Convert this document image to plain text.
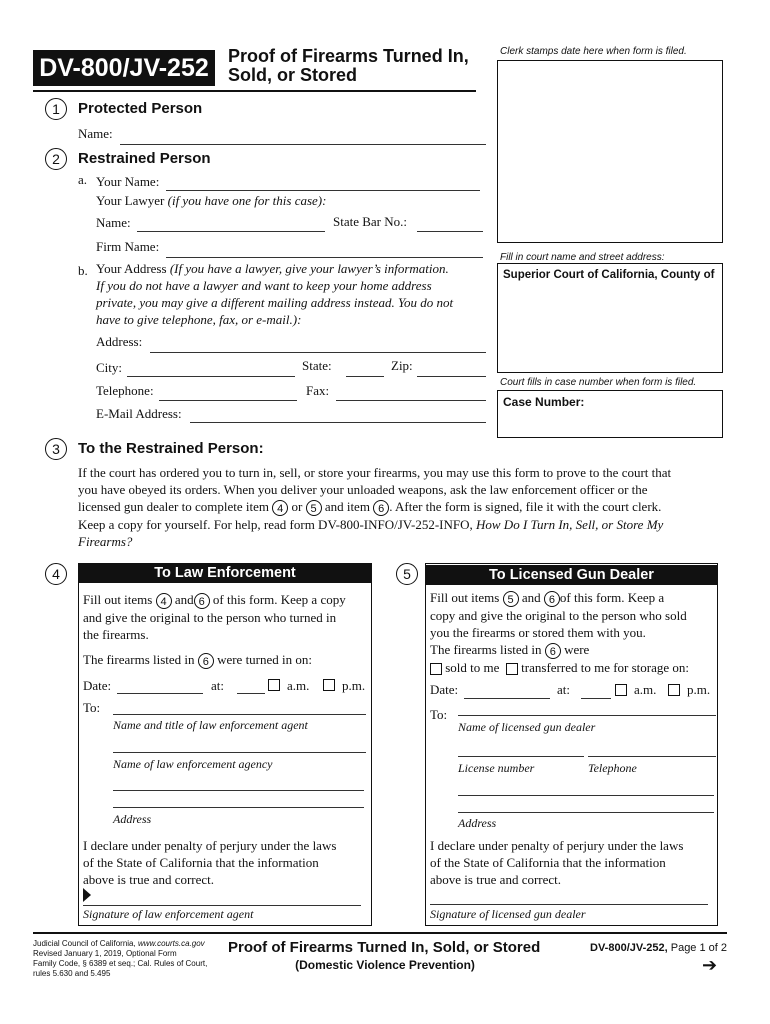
DV-800/JV-252	Proof of Firearms Turned In,
Sold, or Stored
Clerk stamps date here when form is filed.
Fill in court name and street address:
Superior Court of California, County of
Court fills in case number when form is filed.
Case Number:
1	Protected Person
Name:
2	Restrained Person
a. Your Name:
Your Lawyer (if you have one for this case):
Name:	State Bar No.:
Firm Name:
b. Your Address (If you have a lawyer, give your lawyer’s information.
If you do not have a lawyer and want to keep your home address
private, you may give a different mailing address instead. You do not
have to give telephone, fax, or e-mail.):
Address:
City:	State:	Zip:
Telephone:	Fax:
E-Mail Address:
3	To the Restrained Person:
If the court has ordered you to turn in, sell, or store your firearms, you may use this form to prove to the court that
you have obeyed its orders. When you deliver your unloaded weapons, ask the law enforcement officer or the
licensed gun dealer to complete item 4 or 5 and item 6 . After the form is signed, file it with the court clerk.
Keep a copy for yourself. For help, read form DV-800-INFO/JV-252-INFO, How Do I Turn In, Sell, or Store My
Firearms?
4	To Law Enforcement
Fill out items 4 and 6 of this form. Keep a copy
and give the original to the person who turned in
the firearms.
The firearms listed in 6 were turned in on:
Date:	at:	a.m.	p.m.
To:
Name and title of law enforcement agent
Name of law enforcement agency
Address
I declare under penalty of perjury under the laws
of the State of California that the information
above is true and correct.
Signature of law enforcement agent
5	To Licensed Gun Dealer
Fill out items 5 and 6 of this form. Keep a
copy and give the original to the person who sold
you the firearms or stored them with you.
The firearms listed in 6 were
sold to me transferred to me for storage on:
Date:	at:	a.m. p.m.
To:
Name of licensed gun dealer
License number	Telephone
Address
I declare under penalty of perjury under the laws
of the State of California that the information
above is true and correct.
Signature of licensed gun dealer
Judicial Council of California, www.courts.ca.gov
Revised January 1, 2019, Optional Form
Family Code, § 6389 et seq.; Cal. Rules of Court,
rules 5.630 and 5.495
Proof of Firearms Turned In, Sold, or Stored
(Domestic Violence Prevention)
DV-800/JV-252, Page 1 of 2
➔
